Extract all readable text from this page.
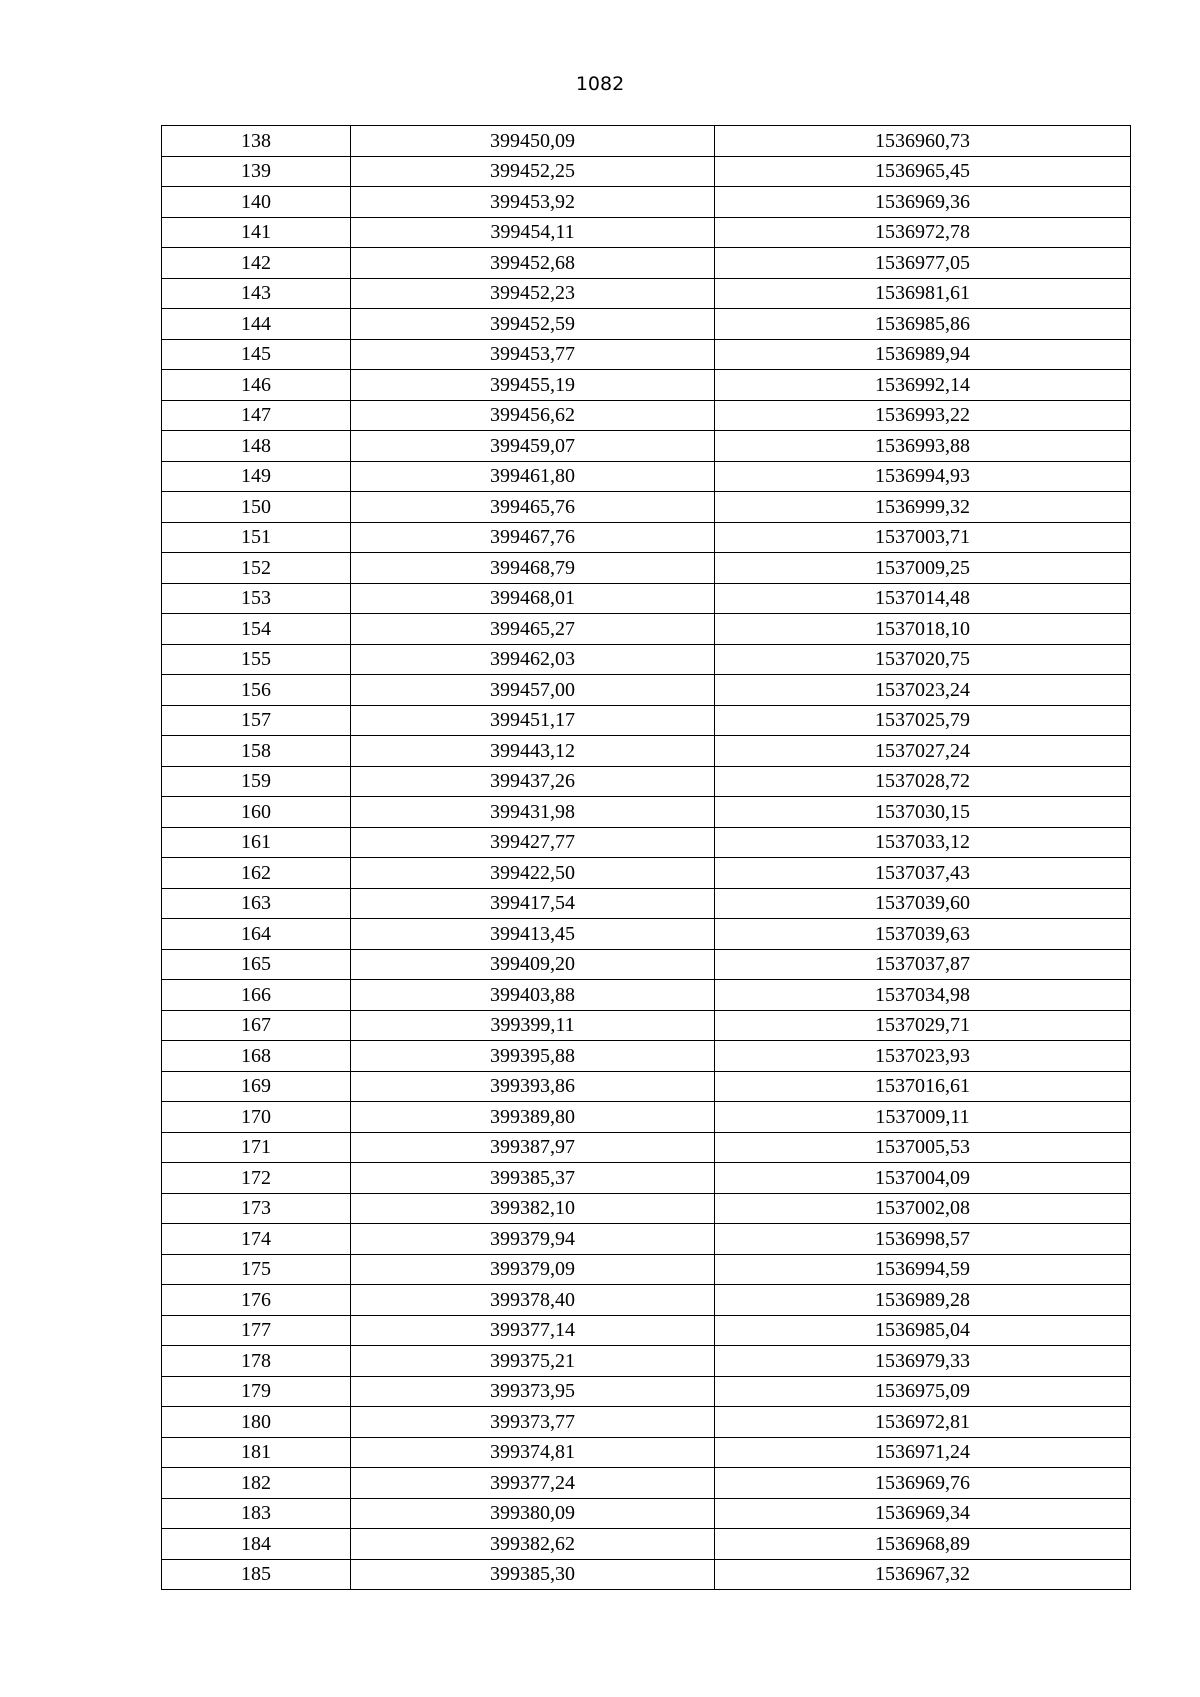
1082
138	399450,09	1536960,73
139	399452,25	1536965,45
140	399453,92	1536969,36
141	399454,11	1536972,78
142	399452,68	1536977,05
143	399452,23	1536981,61
144	399452,59	1536985,86
145	399453,77	1536989,94
146	399455,19	1536992,14
147	399456,62	1536993,22
148	399459,07	1536993,88
149	399461,80	1536994,93
150	399465,76	1536999,32
151	399467,76	1537003,71
152	399468,79	1537009,25
153	399468,01	1537014,48
154	399465,27	1537018,10
155	399462,03	1537020,75
156	399457,00	1537023,24
157	399451,17	1537025,79
158	399443,12	1537027,24
159	399437,26	1537028,72
160	399431,98	1537030,15
161	399427,77	1537033,12
162	399422,50	1537037,43
163	399417,54	1537039,60
164	399413,45	1537039,63
165	399409,20	1537037,87
166	399403,88	1537034,98
167	399399,11	1537029,71
168	399395,88	1537023,93
169	399393,86	1537016,61
170	399389,80	1537009,11
171	399387,97	1537005,53
172	399385,37	1537004,09
173	399382,10	1537002,08
174	399379,94	1536998,57
175	399379,09	1536994,59
176	399378,40	1536989,28
177	399377,14	1536985,04
178	399375,21	1536979,33
179	399373,95	1536975,09
180	399373,77	1536972,81
181	399374,81	1536971,24
182	399377,24	1536969,76
183	399380,09	1536969,34
184	399382,62	1536968,89
185	399385,30	1536967,32
